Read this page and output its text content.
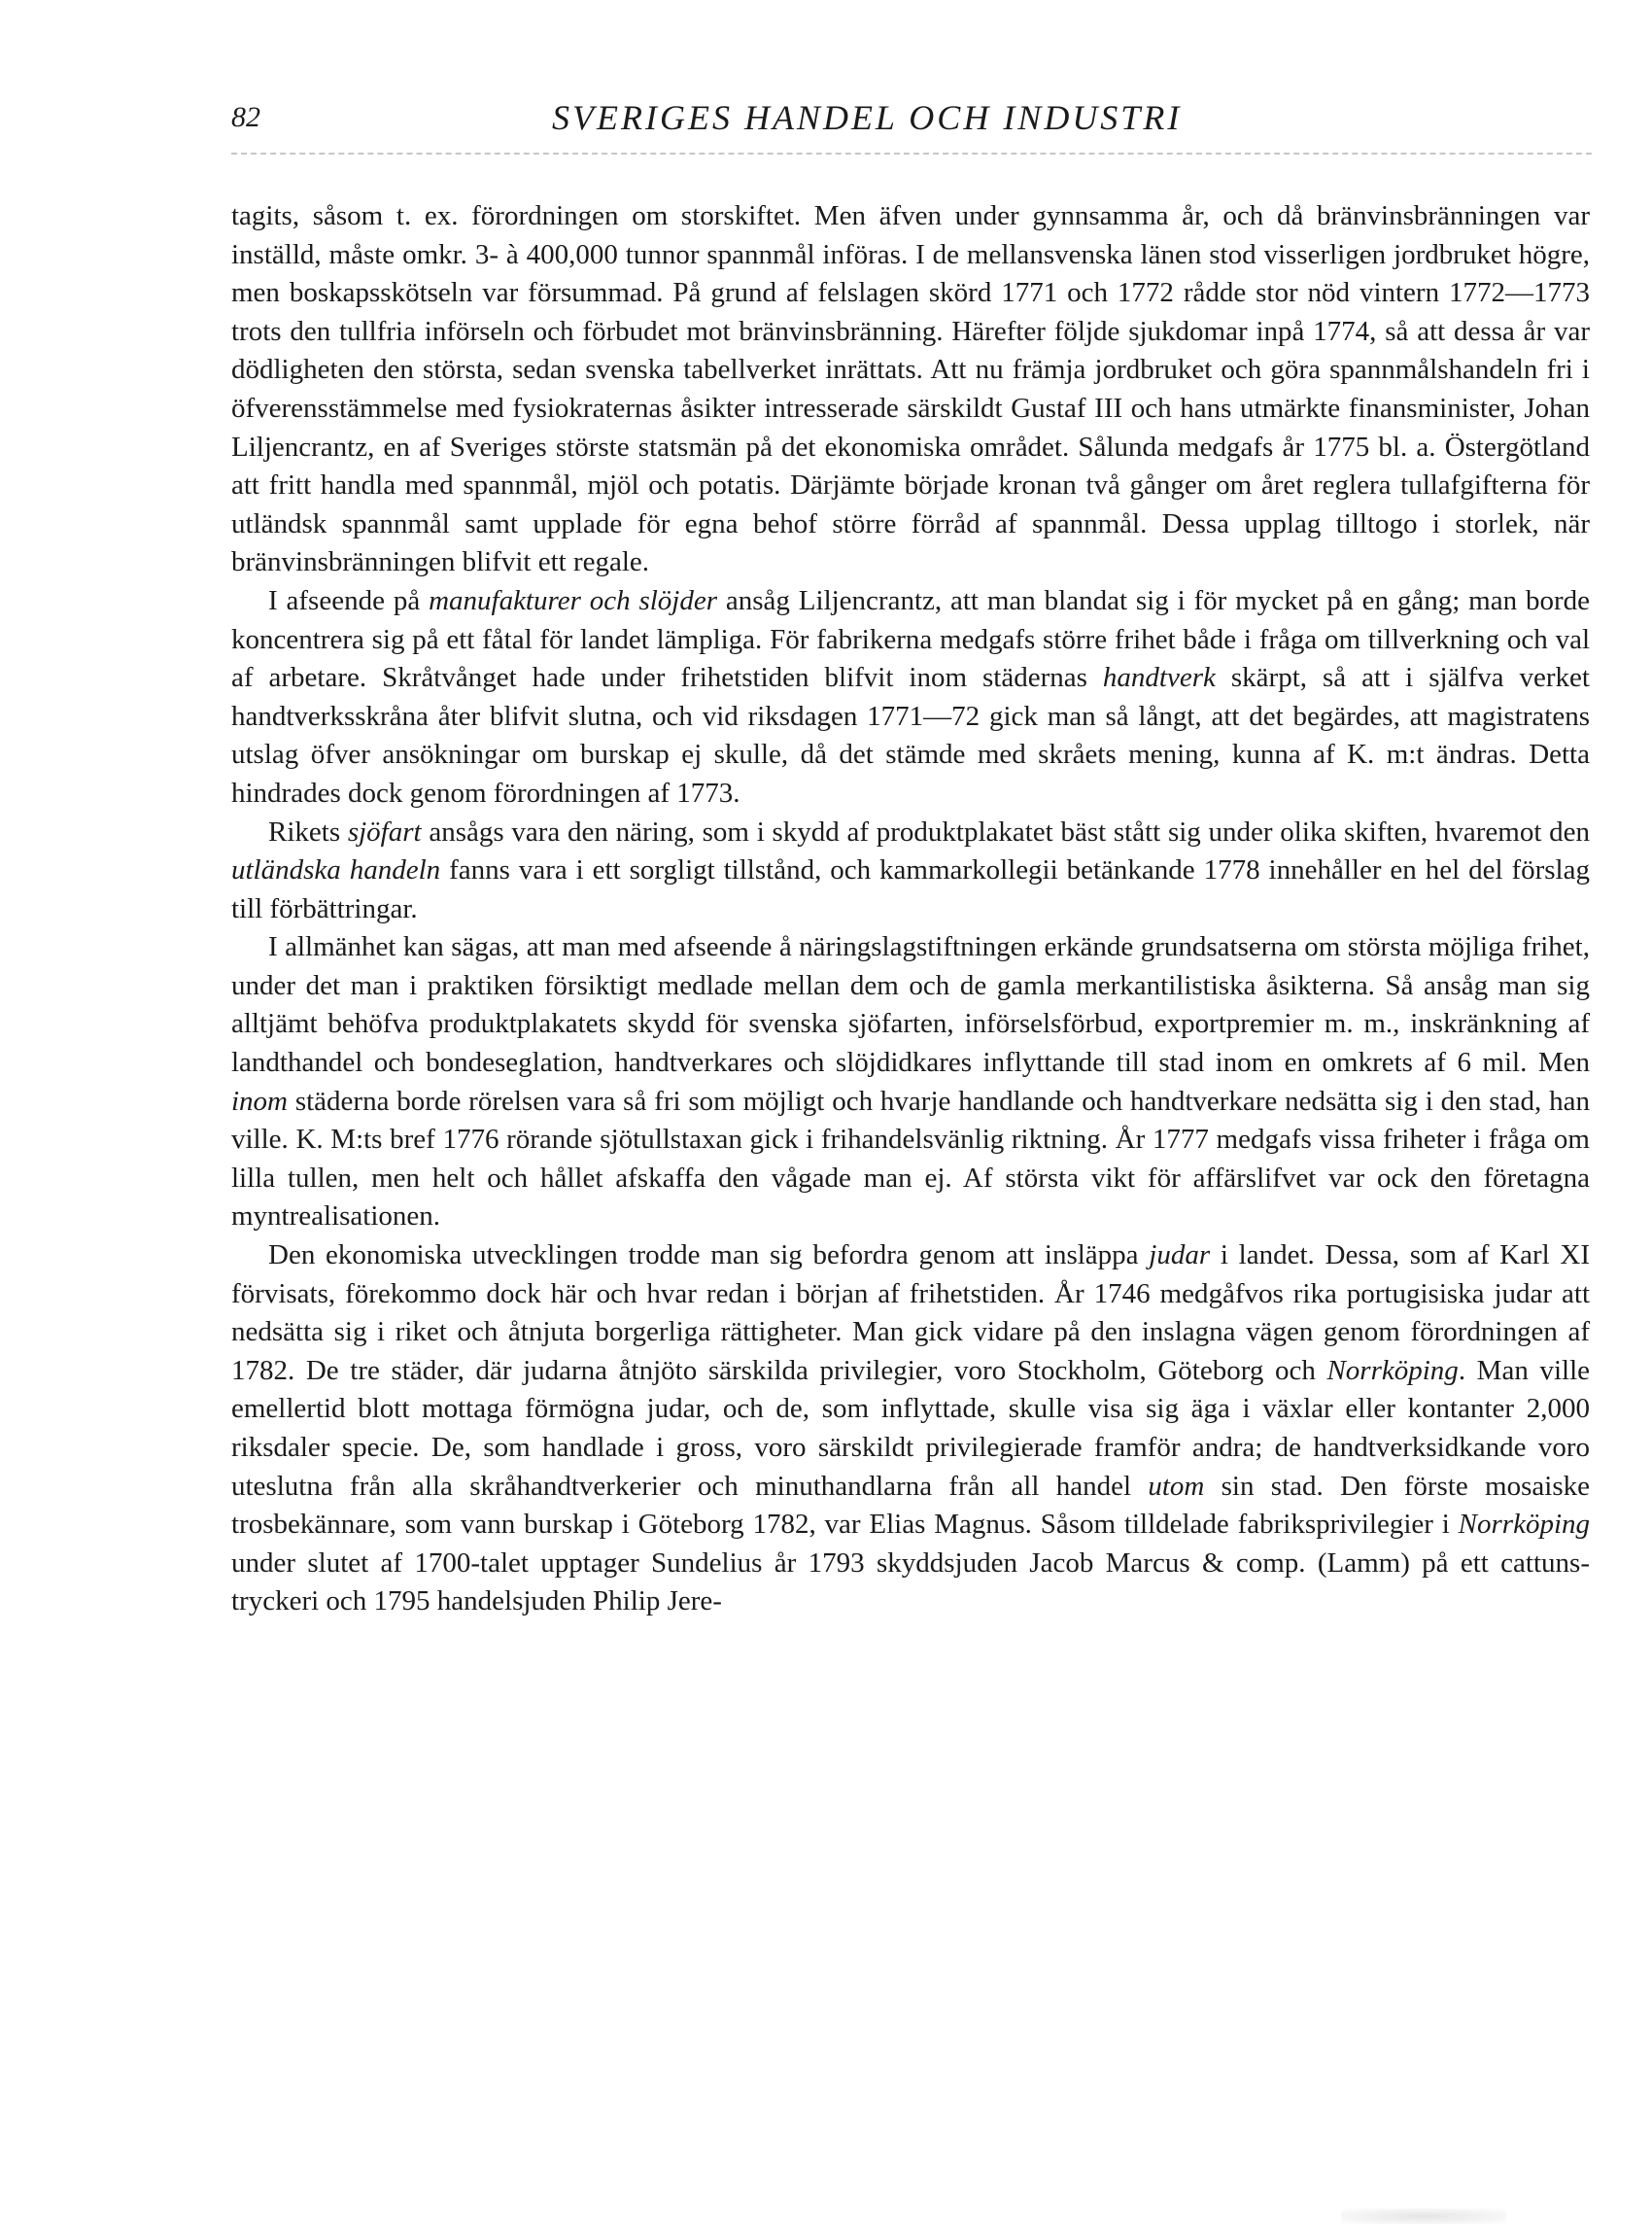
82	SVERIGES HANDEL OCH INDUSTRI

tagits, såsom t. ex. förordningen om storskiftet. Men äfven under gynnsamma år, och då bränvinsbränningen var inställd, måste omkr. 3- à 400,000 tunnor spannmål införas. I de mellansvenska länen stod visserligen jordbruket högre, men boskapsskötseln var försummad. På grund af felslagen skörd 1771 och 1772 rådde stor nöd vintern 1772—1773 trots den tullfria införseln och förbudet mot bränvinsbränning. Härefter följde sjukdomar inpå 1774, så att dessa år var dödligheten den största, sedan svenska tabellverket inrättats. Att nu främja jordbruket och göra spannmålshandeln fri i öfverensstämmelse med fysiokraternas åsikter intresserade särskildt Gustaf III och hans utmärkte finansminister, Johan Liljencrantz, en af Sveriges störste statsmän på det ekonomiska området. Sålunda medgafs år 1775 bl. a. Östergötland att fritt handla med spannmål, mjöl och potatis. Därjämte började kronan två gånger om året reglera tullafgifterna för utländsk spannmål samt upplade för egna behof större förråd af spannmål. Dessa upplag tilltogo i storlek, när bränvinsbränningen blifvit ett regale.

I afseende på manufakturer och slöjder ansåg Liljencrantz, att man blandat sig i för mycket på en gång; man borde koncentrera sig på ett fåtal för landet lämpliga. För fabrikerna medgafs större frihet både i fråga om tillverkning och val af arbetare. Skråtvånget hade under frihetstiden blifvit inom städernas handtverk skärpt, så att i själfva verket handtverksskråna åter blifvit slutna, och vid riksdagen 1771—72 gick man så långt, att det begärdes, att magistratens utslag öfver ansökningar om burskap ej skulle, då det stämde med skråets mening, kunna af K. m:t ändras. Detta hindrades dock genom förordningen af 1773.

Rikets sjöfart ansågs vara den näring, som i skydd af produktplakatet bäst stått sig under olika skiften, hvaremot den utländska handeln fanns vara i ett sorgligt tillstånd, och kammarkollegii betänkande 1778 innehåller en hel del förslag till förbättringar.

I allmänhet kan sägas, att man med afseende å näringslagstiftningen erkände grundsatserna om största möjliga frihet, under det man i praktiken försiktigt medlade mellan dem och de gamla merkantilistiska åsikterna. Så ansåg man sig alltjämt behöfva produktplakatets skydd för svenska sjöfarten, införselsförbud, exportpremier m. m., inskränkning af landthandel och bondeseglation, handtverkares och slöjdidkares inflyttande till stad inom en omkrets af 6 mil. Men inom städerna borde rörelsen vara så fri som möjligt och hvarje handlande och handtverkare nedsätta sig i den stad, han ville. K. M:ts bref 1776 rörande sjötullstaxan gick i frihandelsvänlig riktning. År 1777 medgafs vissa friheter i fråga om lilla tullen, men helt och hållet afskaffa den vågade man ej. Af största vikt för affärslifvet var ock den företagna myntrealisationen.

Den ekonomiska utvecklingen trodde man sig befordra genom att insläppa judar i landet. Dessa, som af Karl XI förvisats, förekommo dock här och hvar redan i början af frihetstiden. År 1746 medgåfvos rika portugisiska judar att nedsätta sig i riket och åtnjuta borgerliga rättigheter. Man gick vidare på den inslagna vägen genom förordningen af 1782. De tre städer, där judarna åtnjöto särskilda privilegier, voro Stockholm, Göteborg och Norrköping. Man ville emellertid blott mottaga förmögna judar, och de, som inflyttade, skulle visa sig äga i växlar eller kontanter 2,000 riksdaler specie. De, som handlade i gross, voro särskildt privilegierade framför andra; de handtverksidkande voro uteslutna från alla skråhandtverkerier och minuthandlarna från all handel utom sin stad. Den förste mosaiske trosbekännare, som vann burskap i Göteborg 1782, var Elias Magnus. Såsom tilldelade fabriksprivilegier i Norrköping under slutet af 1700-talet upptager Sundelius år 1793 skyddsjuden Jacob Marcus & comp. (Lamm) på ett cattuns-tryckeri och 1795 handelsjuden Philip Jere-
